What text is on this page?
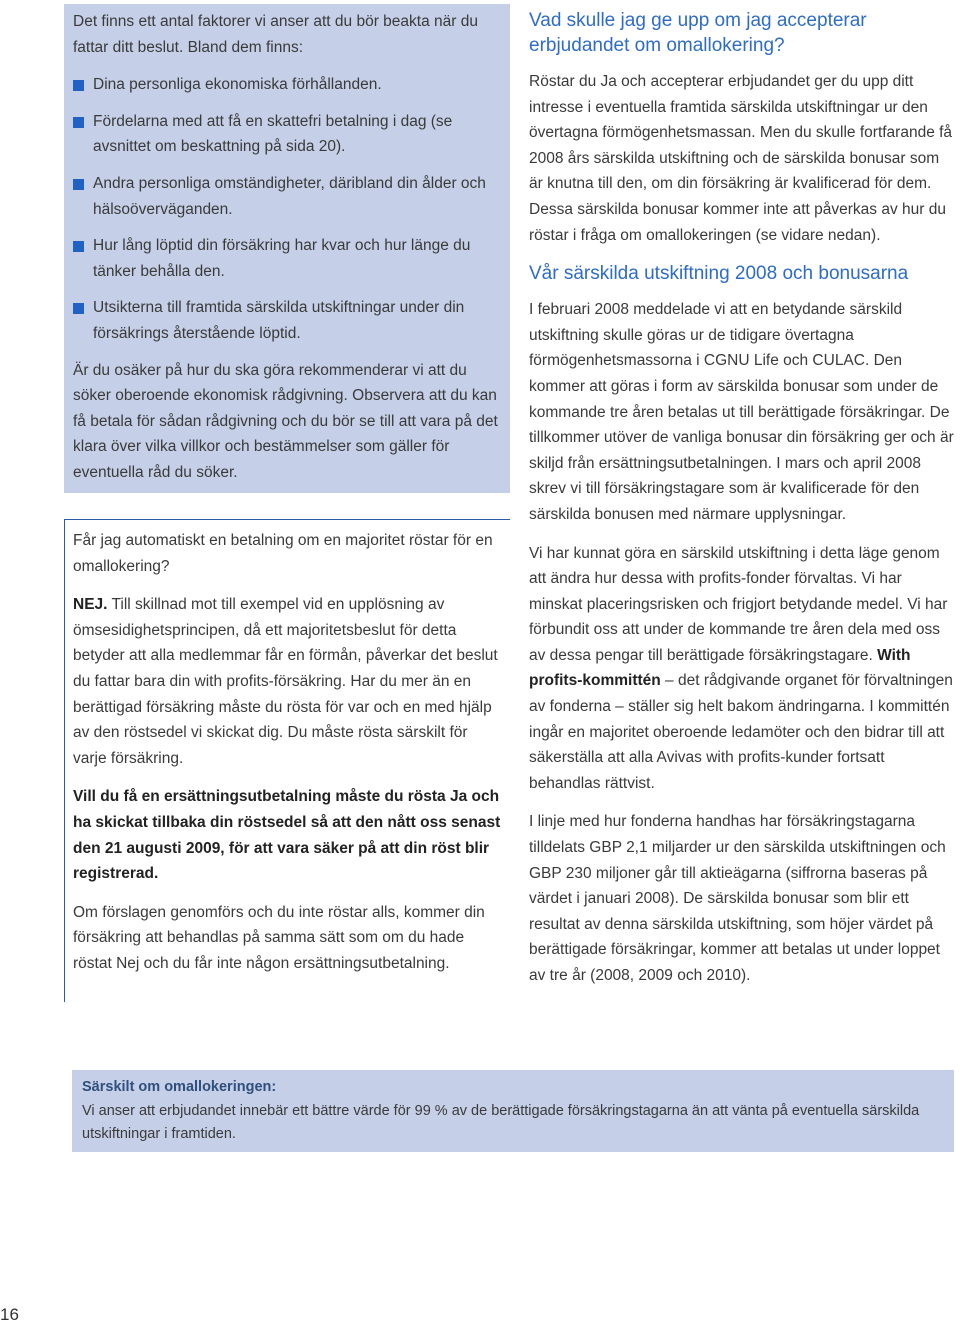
Det finns ett antal faktorer vi anser att du bör beakta när du fattar ditt beslut. Bland dem finns:

Dina personliga ekonomiska förhållanden.
Fördelarna med att få en skattefri betalning i dag (se avsnittet om beskattning på sida 20).
Andra personliga omständigheter, däribland din ålder och hälsoöverväganden.
Hur lång löptid din försäkring har kvar och hur länge du tänker behålla den.
Utsikterna till framtida särskilda utskiftningar under din försäkrings återstående löptid.

Är du osäker på hur du ska göra rekommenderar vi att du söker oberoende ekonomisk rådgivning. Observera att du kan få betala för sådan rådgivning och du bör se till att vara på det klara över vilka villkor och bestämmelser som gäller för eventuella råd du söker.

Får jag automatiskt en betalning om en majoritet röstar för en omallokering?

NEJ. Till skillnad mot till exempel vid en upplösning av ömsesidighetsprincipen, då ett majoritetsbeslut för detta betyder att alla medlemmar får en förmån, påverkar det beslut du fattar bara din with profits-försäkring. Har du mer än en berättigad försäkring måste du rösta för var och en med hjälp av den röstsedel vi skickat dig. Du måste rösta särskilt för varje försäkring.

Vill du få en ersättningsutbetalning måste du rösta Ja och ha skickat tillbaka din röstsedel så att den nått oss senast den 21 augusti 2009, för att vara säker på att din röst blir registrerad.

Om förslagen genomförs och du inte röstar alls, kommer din försäkring att behandlas på samma sätt som om du hade röstat Nej och du får inte någon ersättningsutbetalning.

Vad skulle jag ge upp om jag accepterar erbjudandet om omallokering?

Röstar du Ja och accepterar erbjudandet ger du upp ditt intresse i eventuella framtida särskilda utskiftningar ur den övertagna förmögenhetsmassan. Men du skulle fortfarande få 2008 års särskilda utskiftning och de särskilda bonusar som är knutna till den, om din försäkring är kvalificerad för dem. Dessa särskilda bonusar kommer inte att påverkas av hur du röstar i fråga om omallokeringen (se vidare nedan).

Vår särskilda utskiftning 2008 och bonusarna

I februari 2008 meddelade vi att en betydande särskild utskiftning skulle göras ur de tidigare övertagna förmögenhetsmassorna i CGNU Life och CULAC. Den kommer att göras i form av särskilda bonusar som under de kommande tre åren betalas ut till berättigade försäkringar. De tillkommer utöver de vanliga bonusar din försäkring ger och är skiljd från ersättningsutbetalningen. I mars och april 2008 skrev vi till försäkringstagare som är kvalificerade för den särskilda bonusen med närmare upplysningar.

Vi har kunnat göra en särskild utskiftning i detta läge genom att ändra hur dessa with profits-fonder förvaltas. Vi har minskat placeringsrisken och frigjort betydande medel. Vi har förbundit oss att under de kommande tre åren dela med oss av dessa pengar till berättigade försäkringstagare. With profits-kommittén – det rådgivande organet för förvaltningen av fonderna – ställer sig helt bakom ändringarna. I kommittén ingår en majoritet oberoende ledamöter och den bidrar till att säkerställa att alla Avivas with profits-kunder fortsatt behandlas rättvist.

I linje med hur fonderna handhas har försäkringstagarna tilldelats GBP 2,1 miljarder ur den särskilda utskiftningen och GBP 230 miljoner går till aktieägarna (siffrorna baseras på värdet i januari 2008). De särskilda bonusar som blir ett resultat av denna särskilda utskiftning, som höjer värdet på berättigade försäkringar, kommer att betalas ut under loppet av tre år (2008, 2009 och 2010).

Särskilt om omallokeringen:
Vi anser att erbjudandet innebär ett bättre värde för 99 % av de berättigade försäkringstagarna än att vänta på eventuella särskilda utskiftningar i framtiden.
16
